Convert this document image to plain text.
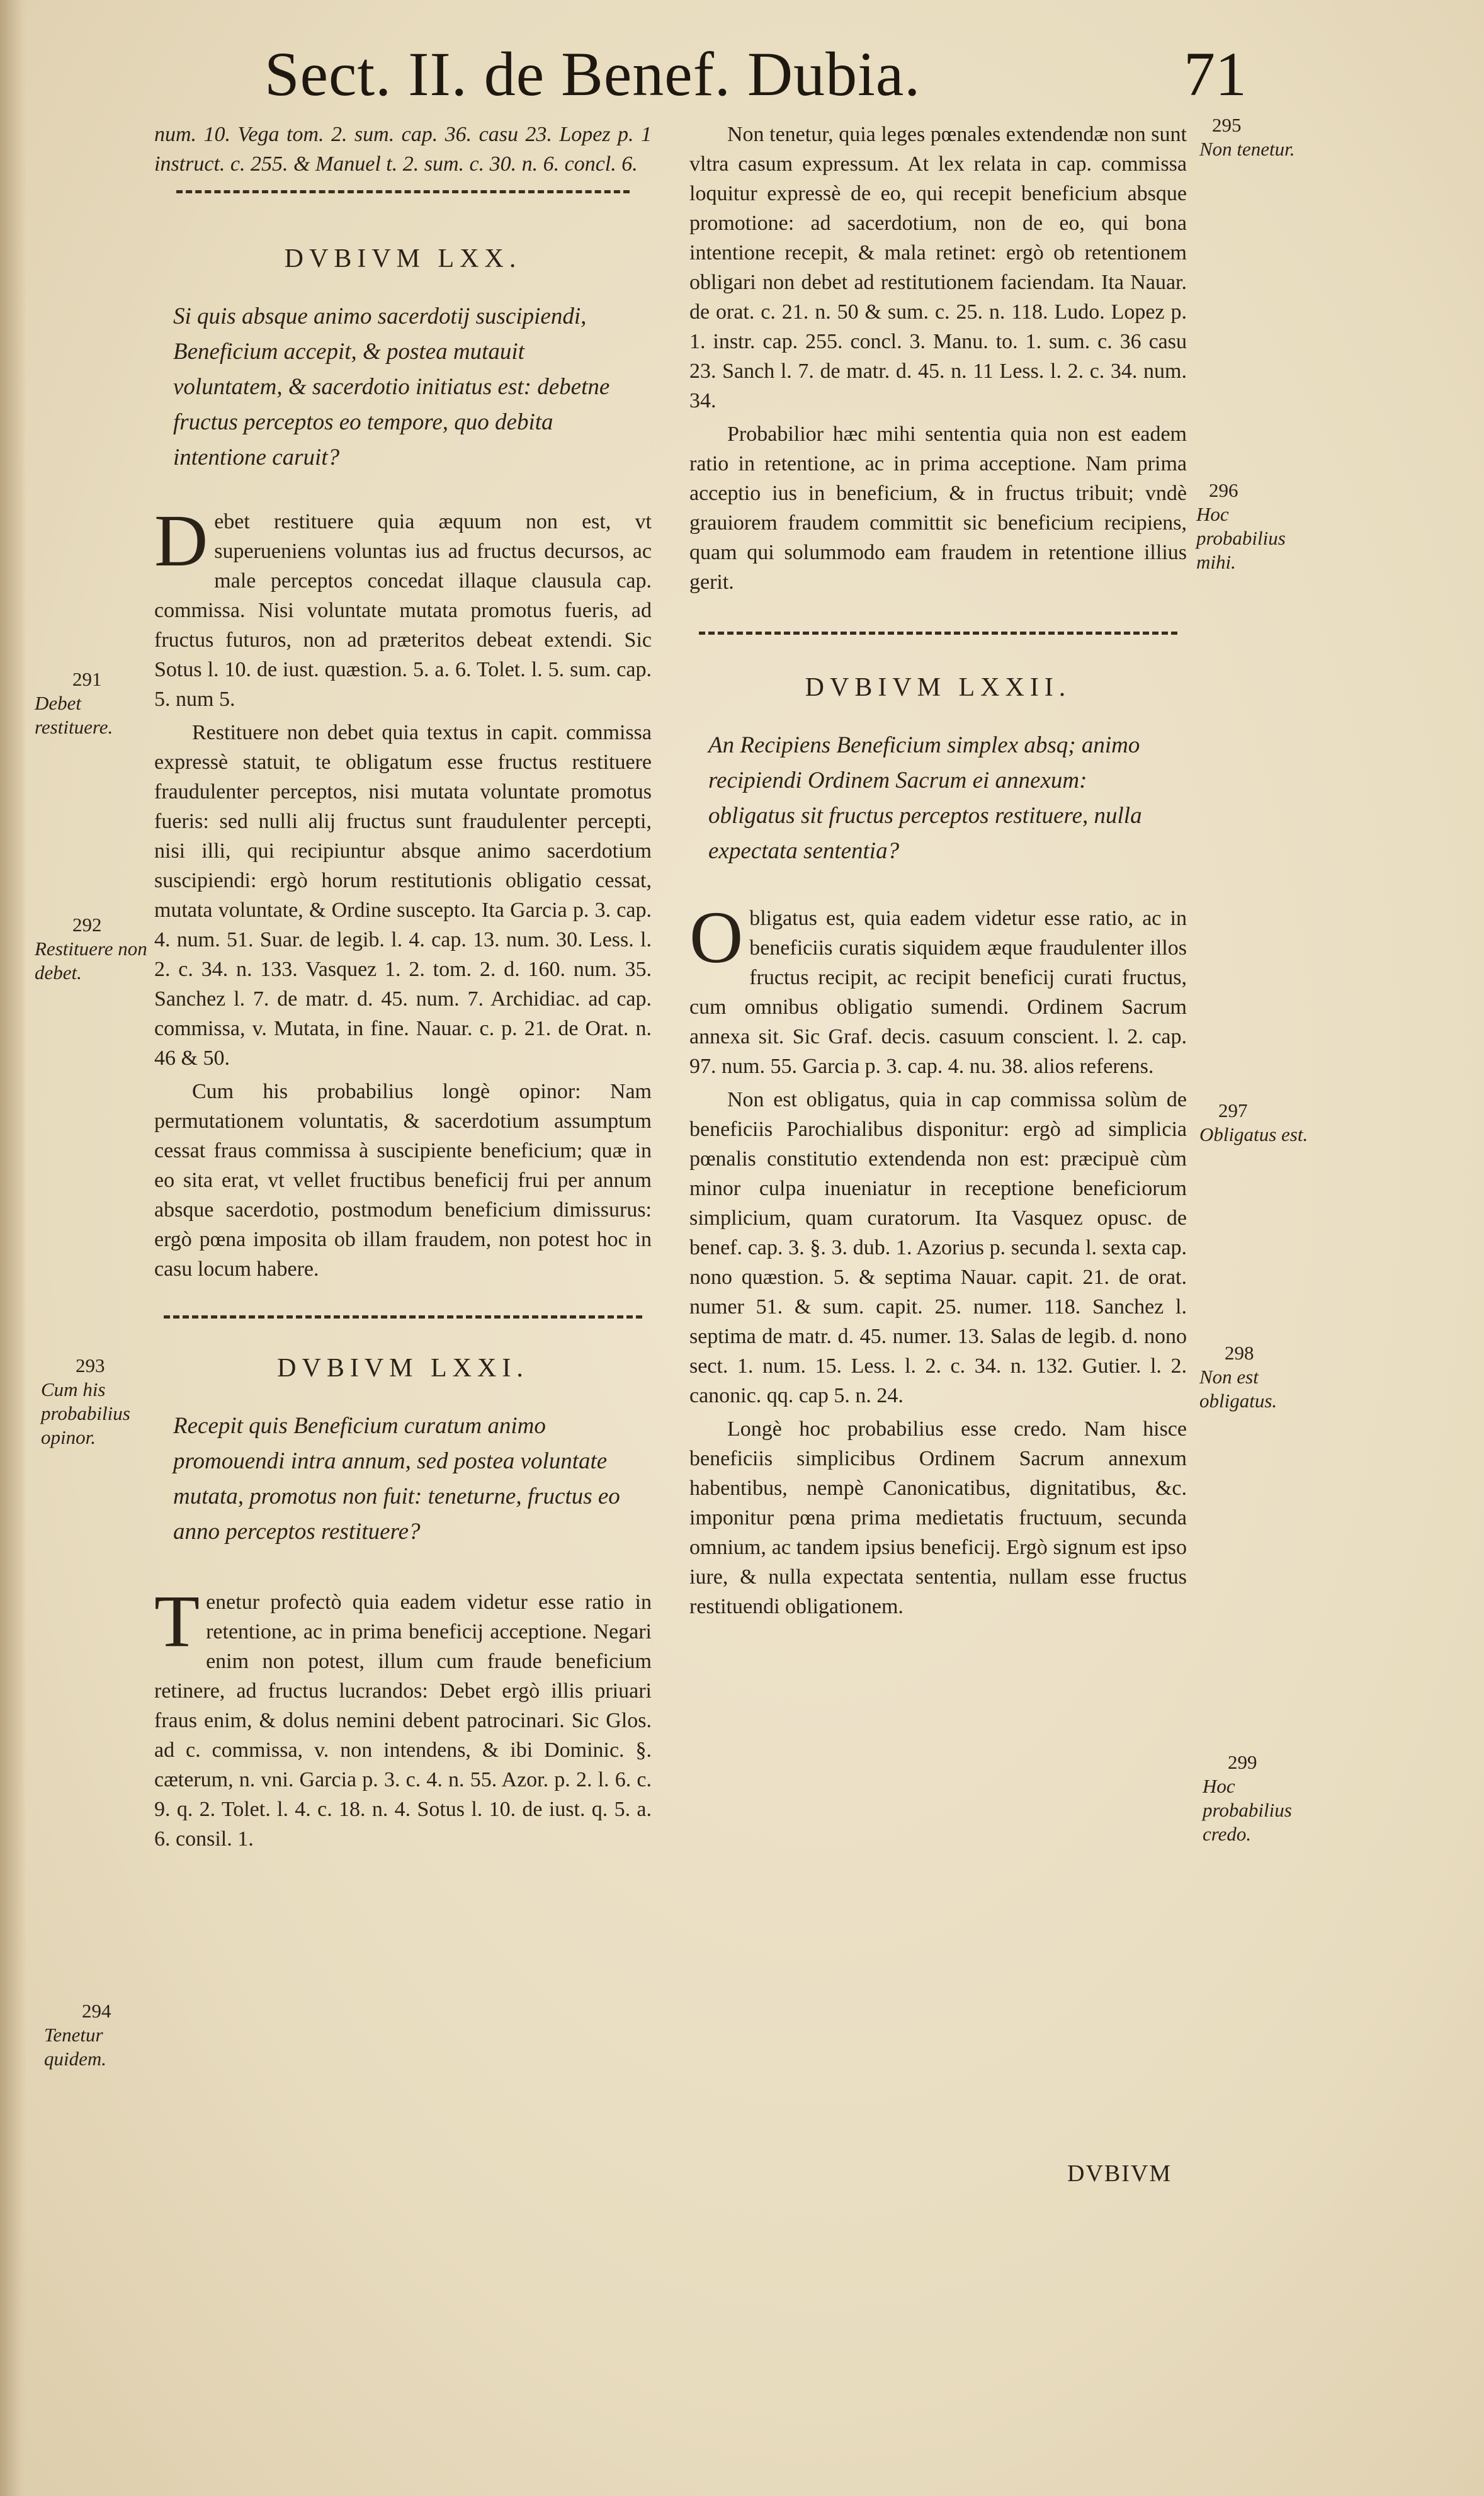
Sect. II. de Benef. Dubia.	71

num. 10. Vega tom. 2. sum. cap. 36. casu 23. Lopez p. 1 instruct. c. 255. & Manuel t. 2. sum. c. 30. n. 6. concl. 6.

DVBIVM LXX.

Si quis absque animo sacerdotij suscipiendi, Beneficium accepit, & postea mutauit voluntatem, & sacerdotio initiatus est: debetne fructus perceptos eo tempore, quo debita intentione caruit?

Debet restituere quia æquum non est, vt superueniens voluntas ius ad fructus decursos, ac male perceptos concedat illaque clausula cap. commissa. Nisi voluntate mutata promotus fueris, ad fructus futuros, non ad præteritos debeat extendi. Sic Sotus l. 10. de iust. quæstion. 5. a. 6. Tolet. l. 5. sum. cap. 5. num 5.

Restituere non debet quia textus in capit. commissa expressè statuit, te obligatum esse fructus restituere fraudulenter perceptos, nisi mutata voluntate promotus fueris: sed nulli alij fructus sunt fraudulenter percepti, nisi illi, qui recipiuntur absque animo sacerdotium suscipiendi: ergò horum restitutionis obligatio cessat, mutata voluntate, & Ordine suscepto. Ita Garcia p. 3. cap. 4. num. 51. Suar. de legib. l. 4. cap. 13. num. 30. Less. l. 2. c. 34. n. 133. Vasquez 1. 2. tom. 2. d. 160. num. 35. Sanchez l. 7. de matr. d. 45. num. 7. Archidiac. ad cap. commissa, v. Mutata, in fine. Nauar. c. p. 21. de Orat. n. 46 & 50.

Cum his probabilius longè opinor: Nam permutationem voluntatis, & sacerdotium assumptum cessat fraus commissa à suscipiente beneficium; quæ in eo sita erat, vt vellet fructibus beneficij frui per annum absque sacerdotio, postmodum beneficium dimissurus: ergò pœna imposita ob illam fraudem, non potest hoc in casu locum habere.

DVBIVM LXXI.

Recepit quis Beneficium curatum animo promouendi intra annum, sed postea voluntate mutata, promotus non fuit: teneturne, fructus eo anno perceptos restituere?

Tenetur profectò quia eadem videtur esse ratio in retentione, ac in prima beneficij acceptione. Negari enim non potest, illum cum fraude beneficium retinere, ad fructus lucrandos: Debet ergò illis priuari fraus enim, & dolus nemini debent patrocinari. Sic Glos. ad c. commissa, v. non intendens, & ibi Dominic. §. cæterum, n. vni. Garcia p. 3. c. 4. n. 55. Azor. p. 2. l. 6. c. 9. q. 2. Tolet. l. 4. c. 18. n. 4. Sotus l. 10. de iust. q. 5. a. 6. consil. 1.

Non tenetur, quia leges pœnales extendendæ non sunt vltra casum expressum. At lex relata in cap. commissa loquitur expressè de eo, qui recepit beneficium absque promotione: ad sacerdotium, non de eo, qui bona intentione recepit, & mala retinet: ergò ob retentionem obligari non debet ad restitutionem faciendam. Ita Nauar. de orat. c. 21. n. 50 & sum. c. 25. n. 118. Ludo. Lopez p. 1. instr. cap. 255. concl. 3. Manu. to. 1. sum. c. 36 casu 23. Sanch l. 7. de matr. d. 45. n. 11 Less. l. 2. c. 34. num. 34.

Probabilior hæc mihi sententia quia non est eadem ratio in retentione, ac in prima acceptione. Nam prima acceptio ius in beneficium, & in fructus tribuit; vndè grauiorem fraudem committit sic beneficium recipiens, quam qui solummodo eam fraudem in retentione illius gerit.

DVBIVM LXXII.

An Recipiens Beneficium simplex absq; animo recipiendi Ordinem Sacrum ei annexum: obligatus sit fructus perceptos restituere, nulla expectata sententia?

Obligatus est, quia eadem videtur esse ratio, ac in beneficiis curatis siquidem æque fraudulenter illos fructus recipit, ac recipit beneficij curati fructus, cum omnibus obligatio sumendi. Ordinem Sacrum annexa sit. Sic Graf. decis. casuum conscient. l. 2. cap. 97. num. 55. Garcia p. 3. cap. 4. nu. 38. alios referens.

Non est obligatus, quia in cap commissa solùm de beneficiis Parochialibus disponitur: ergò ad simplicia pœnalis constitutio extendenda non est: præcipuè cùm minor culpa inueniatur in receptione beneficiorum simplicium, quam curatorum. Ita Vasquez opusc. de benef. cap. 3. §. 3. dub. 1. Azorius p. secunda l. sexta cap. nono quæstion. 5. & septima Nauar. capit. 21. de orat. numer 51. & sum. capit. 25. numer. 118. Sanchez l. septima de matr. d. 45. numer. 13. Salas de legib. d. nono sect. 1. num. 15. Less. l. 2. c. 34. n. 132. Gutier. l. 2. canonic. qq. cap 5. n. 24.

Longè hoc probabilius esse credo. Nam hisce beneficiis simplicibus Ordinem Sacrum annexum habentibus, nempè Canonicatibus, dignitatibus, &c. imponitur pœna prima medietatis fructuum, secunda omnium, ac tandem ipsius beneficij. Ergò signum est ipso iure, & nulla expectata sententia, nullam esse fructus restituendi obligationem.

DVBIVM
291
Debet restituere.
292
Restituere non debet.
293
Cum his probabilius opinor.
294
Tenetur quidem.
295
Non tenetur.
296
Hoc probabilius mihi.
297
Obligatus est.
298
Non est obligatus.
299
Hoc probabilius credo.
